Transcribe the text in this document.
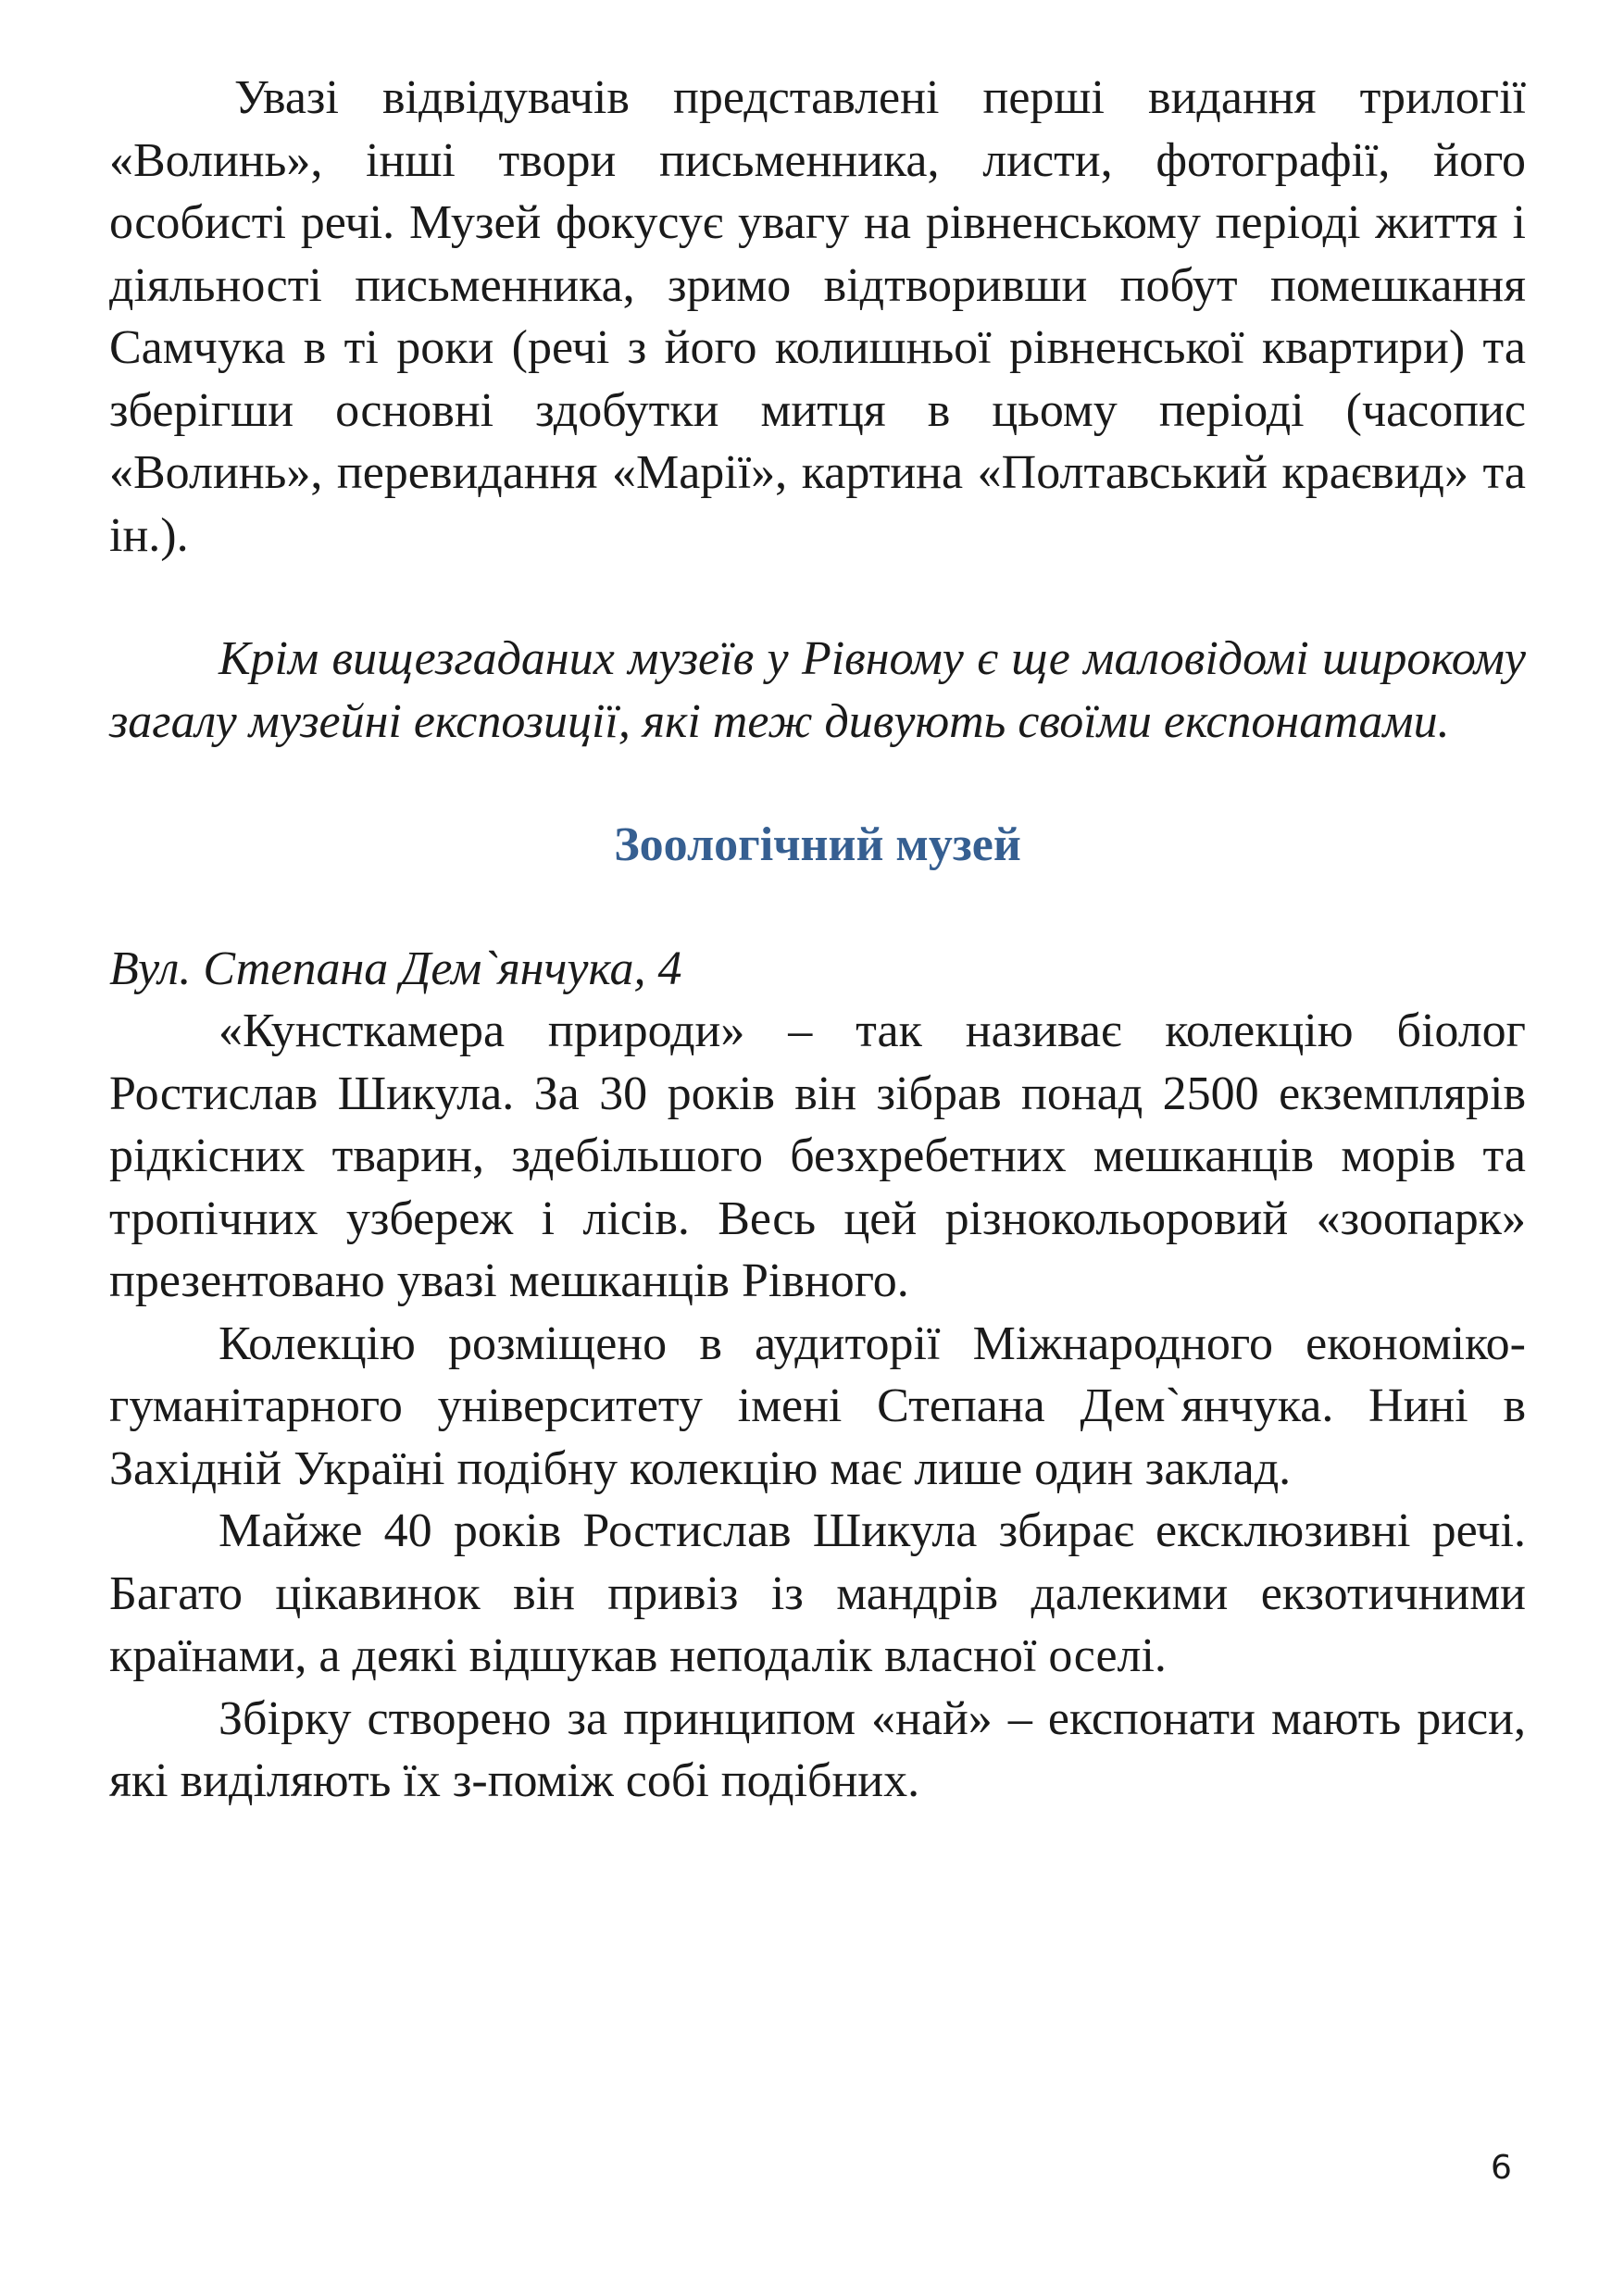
Увазі відвідувачів представлені перші видання трилогії «Волинь», інші твори письменника, листи, фотографії, його особисті речі. Музей фокусує увагу на рівненському періоді життя і діяльності письменника, зримо відтворивши побут помешкання Самчука в ті роки (речі з його колишньої рівненської квартири) та зберігши основні здобутки митця в цьому періоді (часопис «Волинь», перевидання «Марії», картина «Полтавський краєвид» та ін.).

Крім вищезгаданих музеїв у Рівному є ще маловідомі широкому загалу музейні експозиції, які теж дивують своїми експонатами.

Зоологічний музей

Вул. Степана Дем`янчука, 4

«Кунсткамера природи» – так називає колекцію біолог Ростислав Шикула. За 30 років він зібрав понад 2500 екземплярів рідкісних тварин, здебільшого безхребетних мешканців морів та тропічних узбереж і лісів. Весь цей різнокольоровий «зоопарк» презентовано увазі мешканців Рівного.

Колекцію розміщено в аудиторії Міжнародного економіко-гуманітарного університету імені Степана Дем`янчука. Нині в Західній Україні подібну колекцію має лише один заклад.

Майже 40 років Ростислав Шикула збирає ексклюзивні речі. Багато цікавинок він привіз із мандрів далекими екзотичними країнами, а деякі відшукав неподалік власної оселі.

Збірку створено за принципом «най» – експонати мають риси, які виділяють їх з-поміж собі подібних.

6
